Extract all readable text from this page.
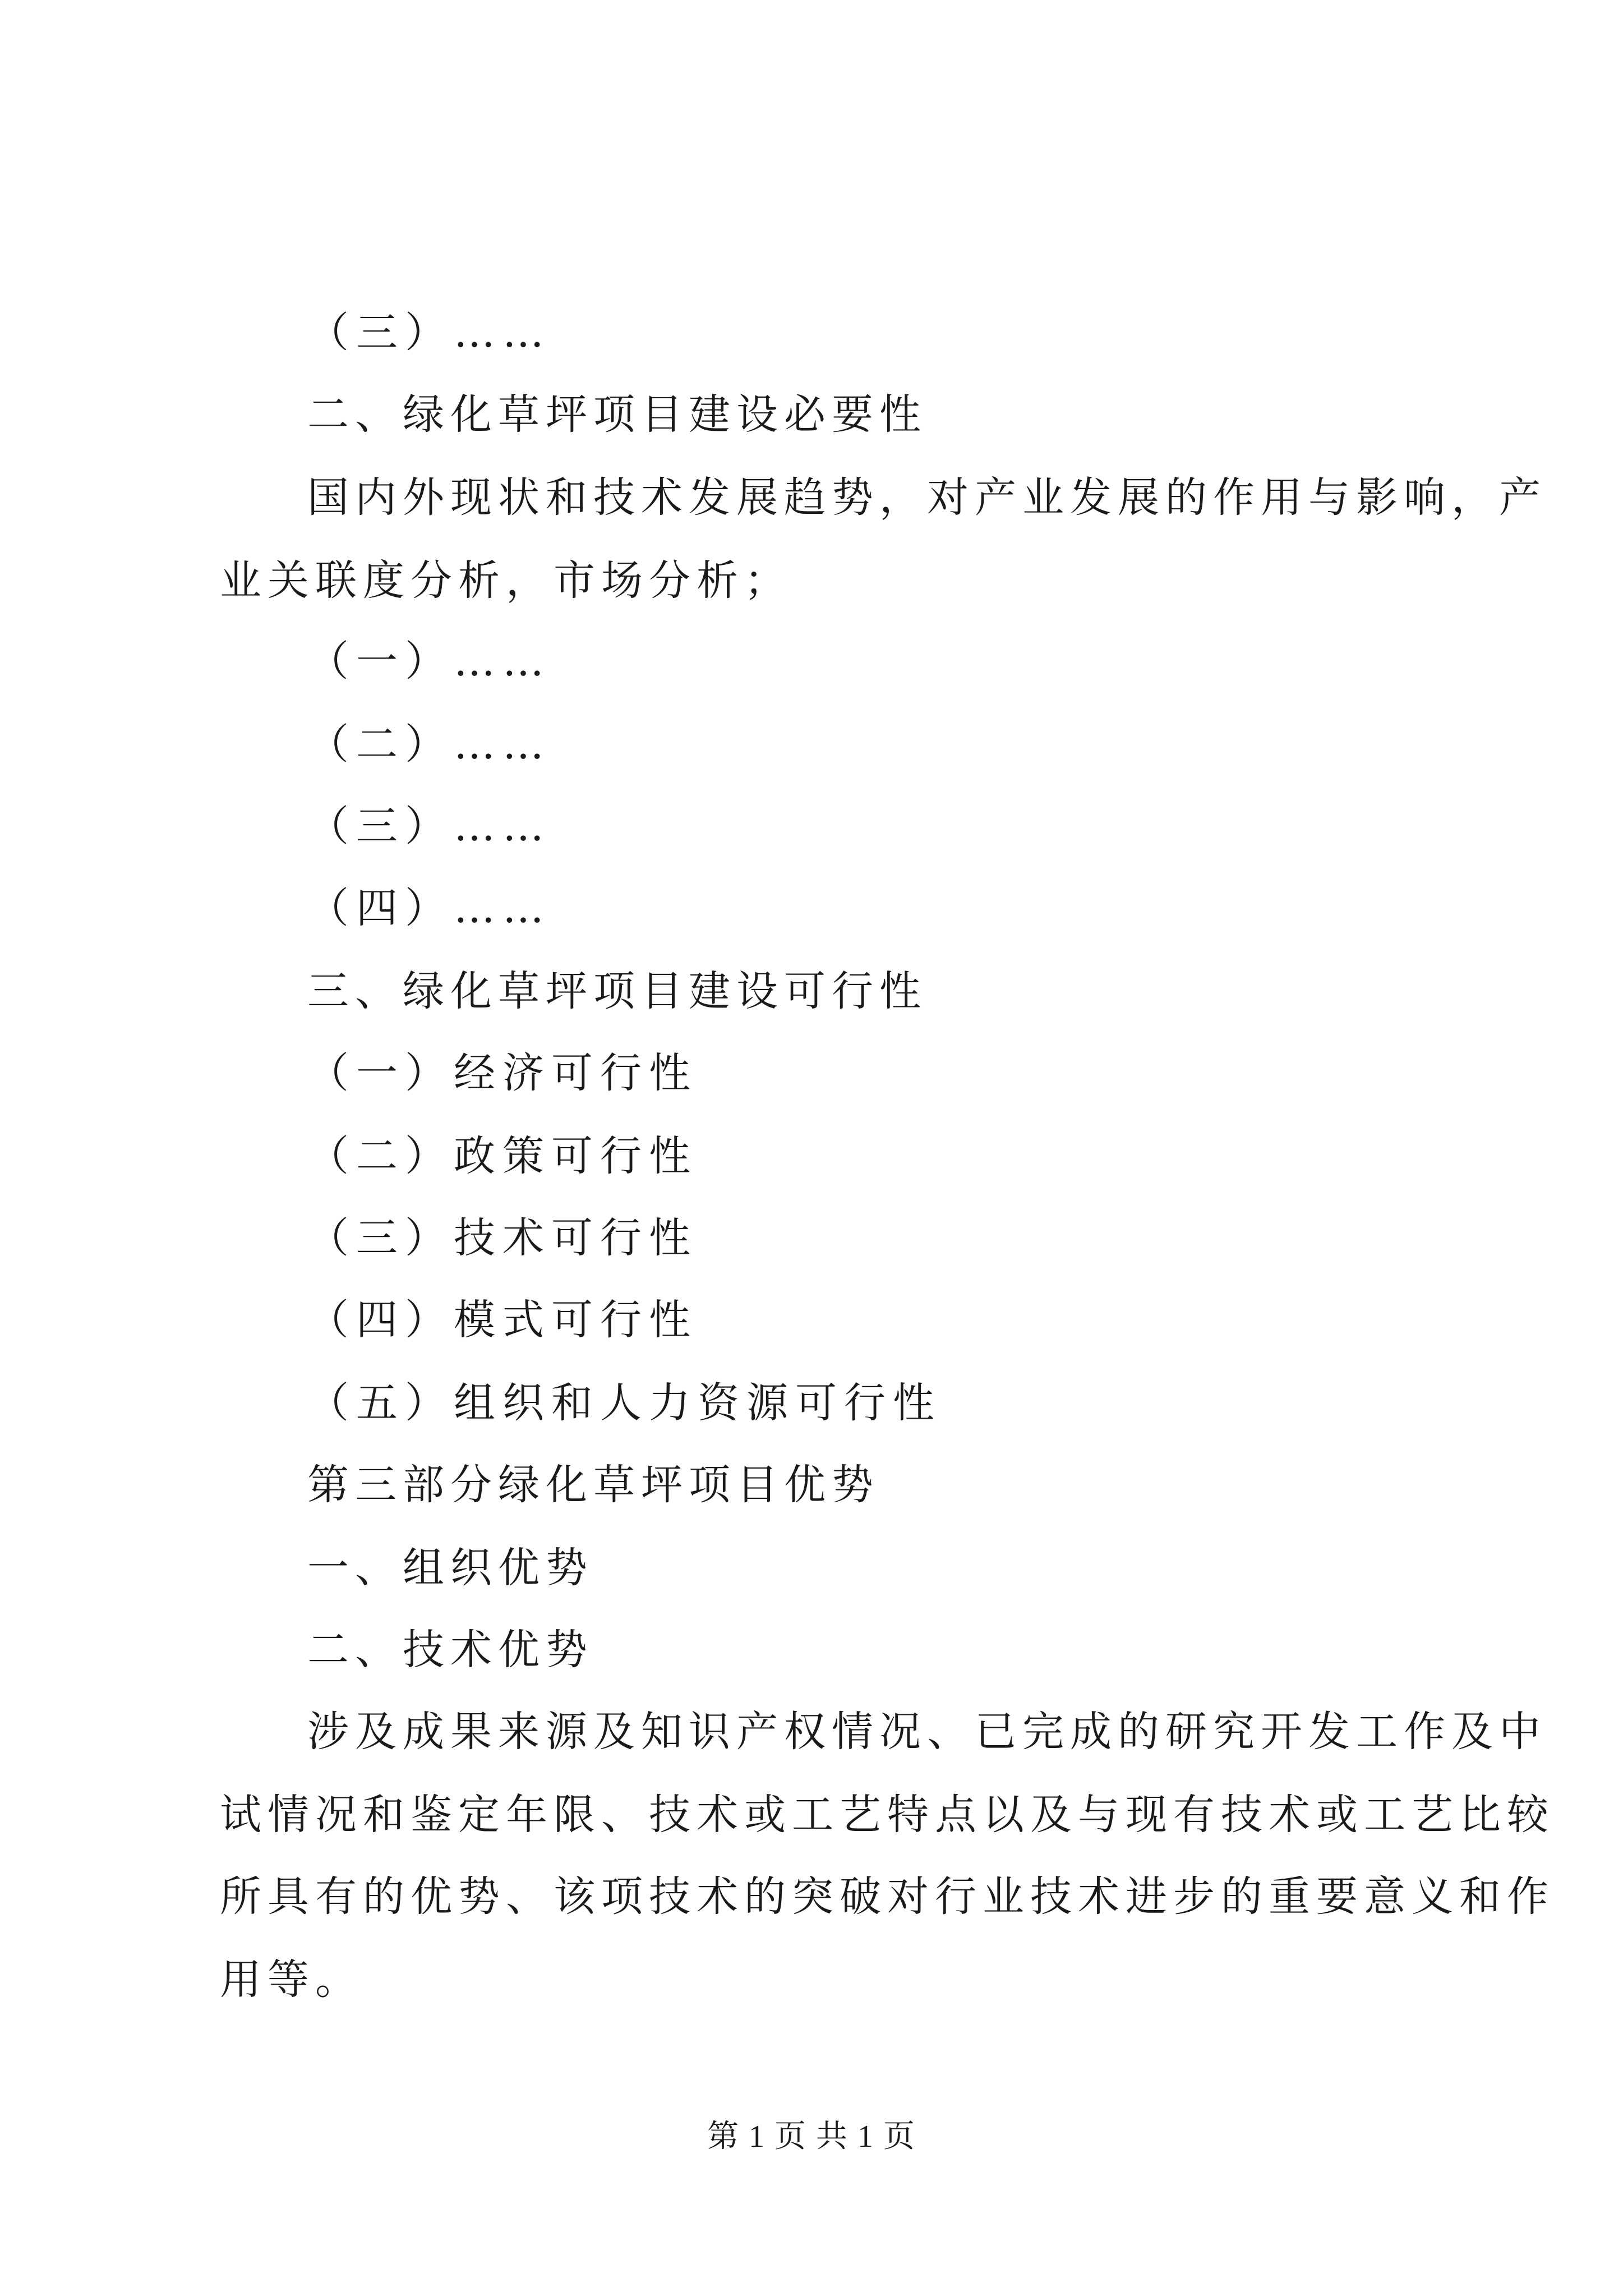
（三）……
二、绿化草坪项目建设必要性
国内外现状和技术发展趋势，对产业发展的作用与影响，产
业关联度分析，市场分析；
（一）……
（二）……
（三）……
（四）……
三、绿化草坪项目建设可行性
（一）经济可行性
（二）政策可行性
（三）技术可行性
（四）模式可行性
（五）组织和人力资源可行性
第三部分绿化草坪项目优势
一、组织优势
二、技术优势
涉及成果来源及知识产权情况、已完成的研究开发工作及中
试情况和鉴定年限、技术或工艺特点以及与现有技术或工艺比较
所具有的优势、该项技术的突破对行业技术进步的重要意义和作
用等。
第 1 页 共 1 页
